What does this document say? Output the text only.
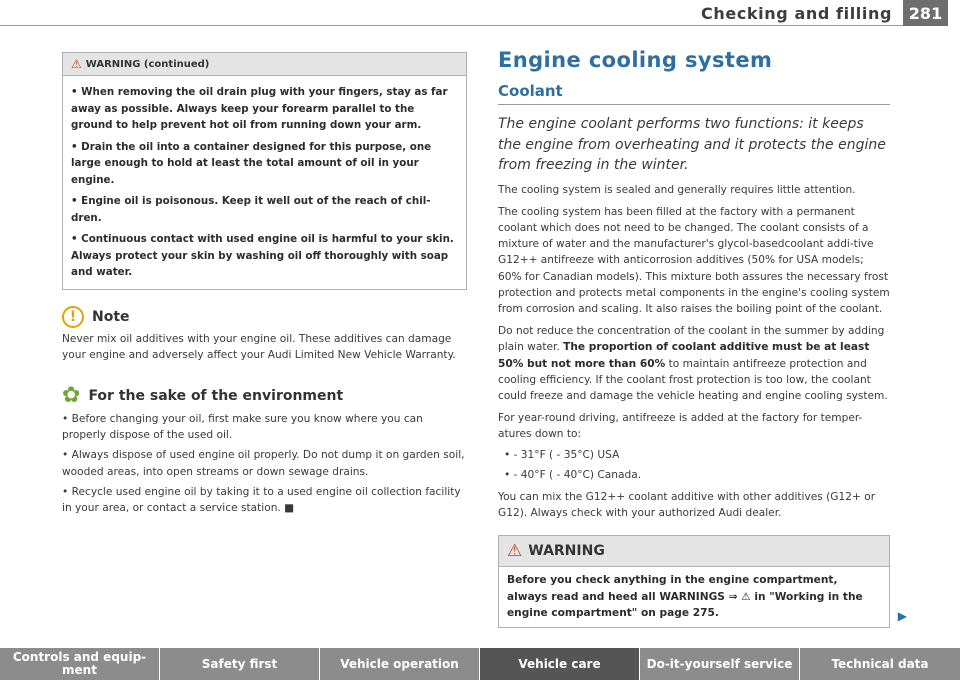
Checking and filling	281
⚠ WARNING (continued)
• When removing the oil drain plug with your fingers, stay as far away as possible. Always keep your forearm parallel to the ground to help prevent hot oil from running down your arm.
• Drain the oil into a container designed for this purpose, one large enough to hold at least the total amount of oil in your engine.
• Engine oil is poisonous. Keep it well out of the reach of chil-dren.
• Continuous contact with used engine oil is harmful to your skin. Always protect your skin by washing oil off thoroughly with soap and water.
!	Note
Never mix oil additives with your engine oil. These additives can damage your engine and adversely affect your Audi Limited New Vehicle Warranty.
✿ For the sake of the environment
• Before changing your oil, first make sure you know where you can properly dispose of the used oil.
• Always dispose of used engine oil properly. Do not dump it on garden soil, wooded areas, into open streams or down sewage drains.
• Recycle used engine oil by taking it to a used engine oil collection facility in your area, or contact a service station. ■
Engine cooling system
Coolant
The engine coolant performs two functions: it keeps the engine from overheating and it protects the engine from freezing in the winter.
The cooling system is sealed and generally requires little attention.
The cooling system has been filled at the factory with a permanent coolant which does not need to be changed. The coolant consists of a mixture of water and the manufacturer's glycol-basedcoolant addi-tive G12++ antifreeze with anticorrosion additives (50% for USA models; 60% for Canadian models). This mixture both assures the necessary frost protection and protects metal components in the engine's cooling system from corrosion and scaling. It also raises the boiling point of the coolant.
Do not reduce the concentration of the coolant in the summer by adding plain water. The proportion of coolant additive must be at least 50% but not more than 60% to maintain antifreeze protection and cooling efficiency. If the coolant frost protection is too low, the coolant could freeze and damage the vehicle heating and engine cooling system.
For year-round driving, antifreeze is added at the factory for temper-atures down to:
• - 31°F ( - 35°C) USA
• - 40°F ( - 40°C) Canada.
You can mix the G12++ coolant additive with other additives (G12+ or G12). Always check with your authorized Audi dealer.
⚠ WARNING
Before you check anything in the engine compartment, always read and heed all WARNINGS ⇒ ⚠ in "Working in the engine compartment" on page 275.	▶
Controls and equip-ment	Safety first	Vehicle operation	Vehicle care	Do-it-yourself service	Technical data
